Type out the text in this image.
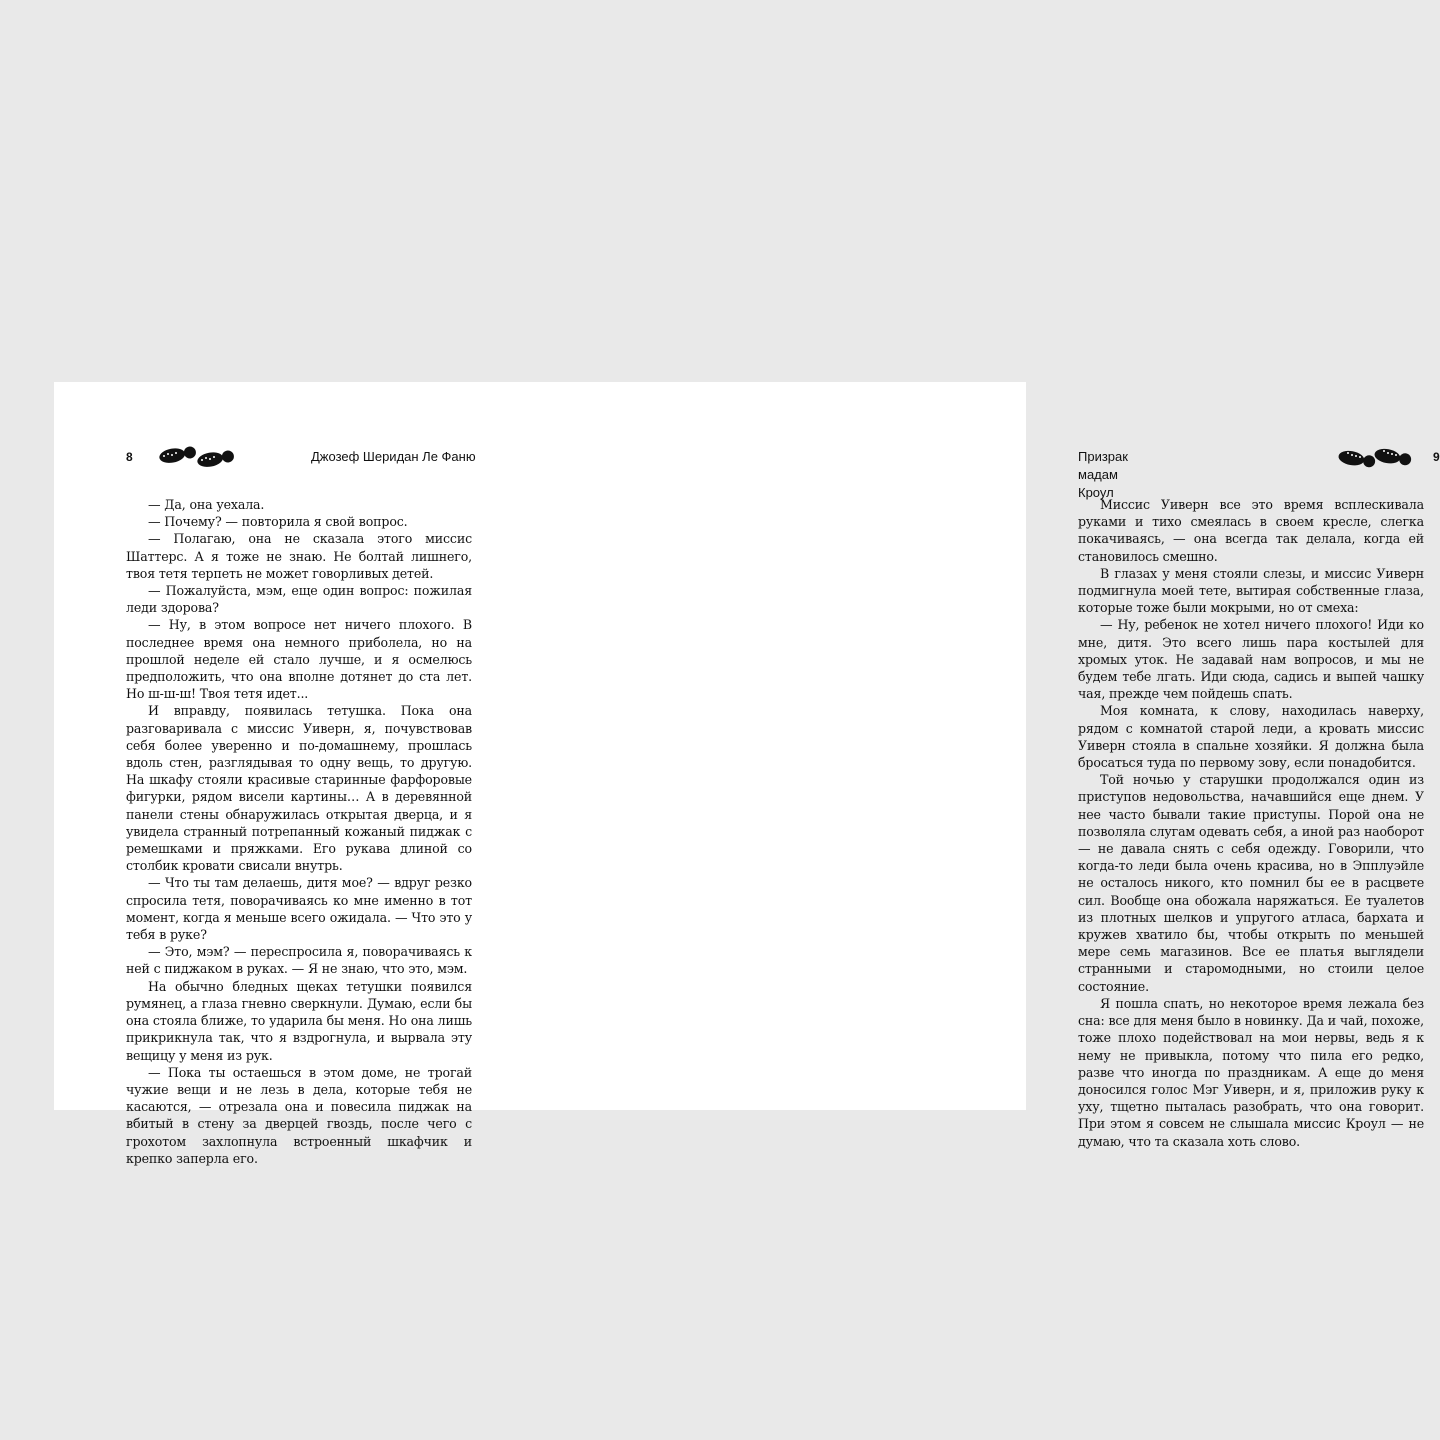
8	Джозеф Шеридан Ле Фаню

— Да, она уехала.

— Почему? — повторила я свой вопрос.

— Полагаю, она не сказала этого миссис Шаттерс. А я тоже не знаю. Не болтай лишнего, твоя тетя терпеть не может говорливых детей.

— Пожалуйста, мэм, еще один вопрос: пожилая леди здорова?

— Ну, в этом вопросе нет ничего плохого. В последнее время она немного приболела, но на прошлой неделе ей стало лучше, и я осмелюсь предположить, что она вполне дотянет до ста лет. Но ш-ш-ш! Твоя тетя идет...

И вправду, появилась тетушка. Пока она разговаривала с миссис Уиверн, я, почувствовав себя более уверенно и по-домашнему, прошлась вдоль стен, разглядывая то одну вещь, то другую. На шкафу стояли красивые старинные фарфоровые фигурки, рядом висели картины… А в деревянной панели стены обнаружилась открытая дверца, и я увидела странный потрепанный кожаный пиджак с ремешками и пряжками. Его рукава длиной со столбик кровати свисали внутрь.

— Что ты там делаешь, дитя мое? — вдруг резко спросила тетя, поворачиваясь ко мне именно в тот момент, когда я меньше всего ожидала. — Что это у тебя в руке?

— Это, мэм? — переспросила я, поворачиваясь к ней с пиджаком в руках. — Я не знаю, что это, мэм.

На обычно бледных щеках тетушки появился румянец, а глаза гневно сверкнули. Думаю, если бы она стояла ближе, то ударила бы меня. Но она лишь прикрикнула так, что я вздрогнула, и вырвала эту вещицу у меня из рук.

— Пока ты остаешься в этом доме, не трогай чужие вещи и не лезь в дела, которые тебя не касаются, — отрезала она и повесила пиджак на вбитый в стену за дверцей гвоздь, после чего с грохотом захлопнула встроенный шкафчик и крепко заперла его.

Призрак мадам Кроул
9

Миссис Уиверн все это время всплескивала руками и тихо смеялась в своем кресле, слегка покачиваясь, — она всегда так делала, когда ей становилось смешно.

В глазах у меня стояли слезы, и миссис Уиверн подмигнула моей тете, вытирая собственные глаза, которые тоже были мокрыми, но от смеха:

— Ну, ребенок не хотел ничего плохого! Иди ко мне, дитя. Это всего лишь пара костылей для хромых уток. Не задавай нам вопросов, и мы не будем тебе лгать. Иди сюда, садись и выпей чашку чая, прежде чем пойдешь спать.

Моя комната, к слову, находилась наверху, рядом с комнатой старой леди, а кровать миссис Уиверн стояла в спальне хозяйки. Я должна была бросаться туда по первому зову, если понадобится.

Той ночью у старушки продолжался один из приступов недовольства, начавшийся еще днем. У нее часто бывали такие приступы. Порой она не позволяла слугам одевать себя, а иной раз наоборот — не давала снять с себя одежду. Говорили, что когда-то леди была очень красива, но в Эпплуэйле не осталось никого, кто помнил бы ее в расцвете сил. Вообще она обожала наряжаться. Ее туалетов из плотных шелков и упругого атласа, бархата и кружев хватило бы, чтобы открыть по меньшей мере семь магазинов. Все ее платья выглядели странными и старомодными, но стоили целое состояние.

Я пошла спать, но некоторое время лежала без сна: все для меня было в новинку. Да и чай, похоже, тоже плохо подействовал на мои нервы, ведь я к нему не привыкла, потому что пила его редко, разве что иногда по праздникам. А еще до меня доносился голос Мэг Уиверн, и я, приложив руку к уху, тщетно пыталась разобрать, что она говорит. При этом я совсем не слышала миссис Кроул — не думаю, что та сказала хоть слово.
